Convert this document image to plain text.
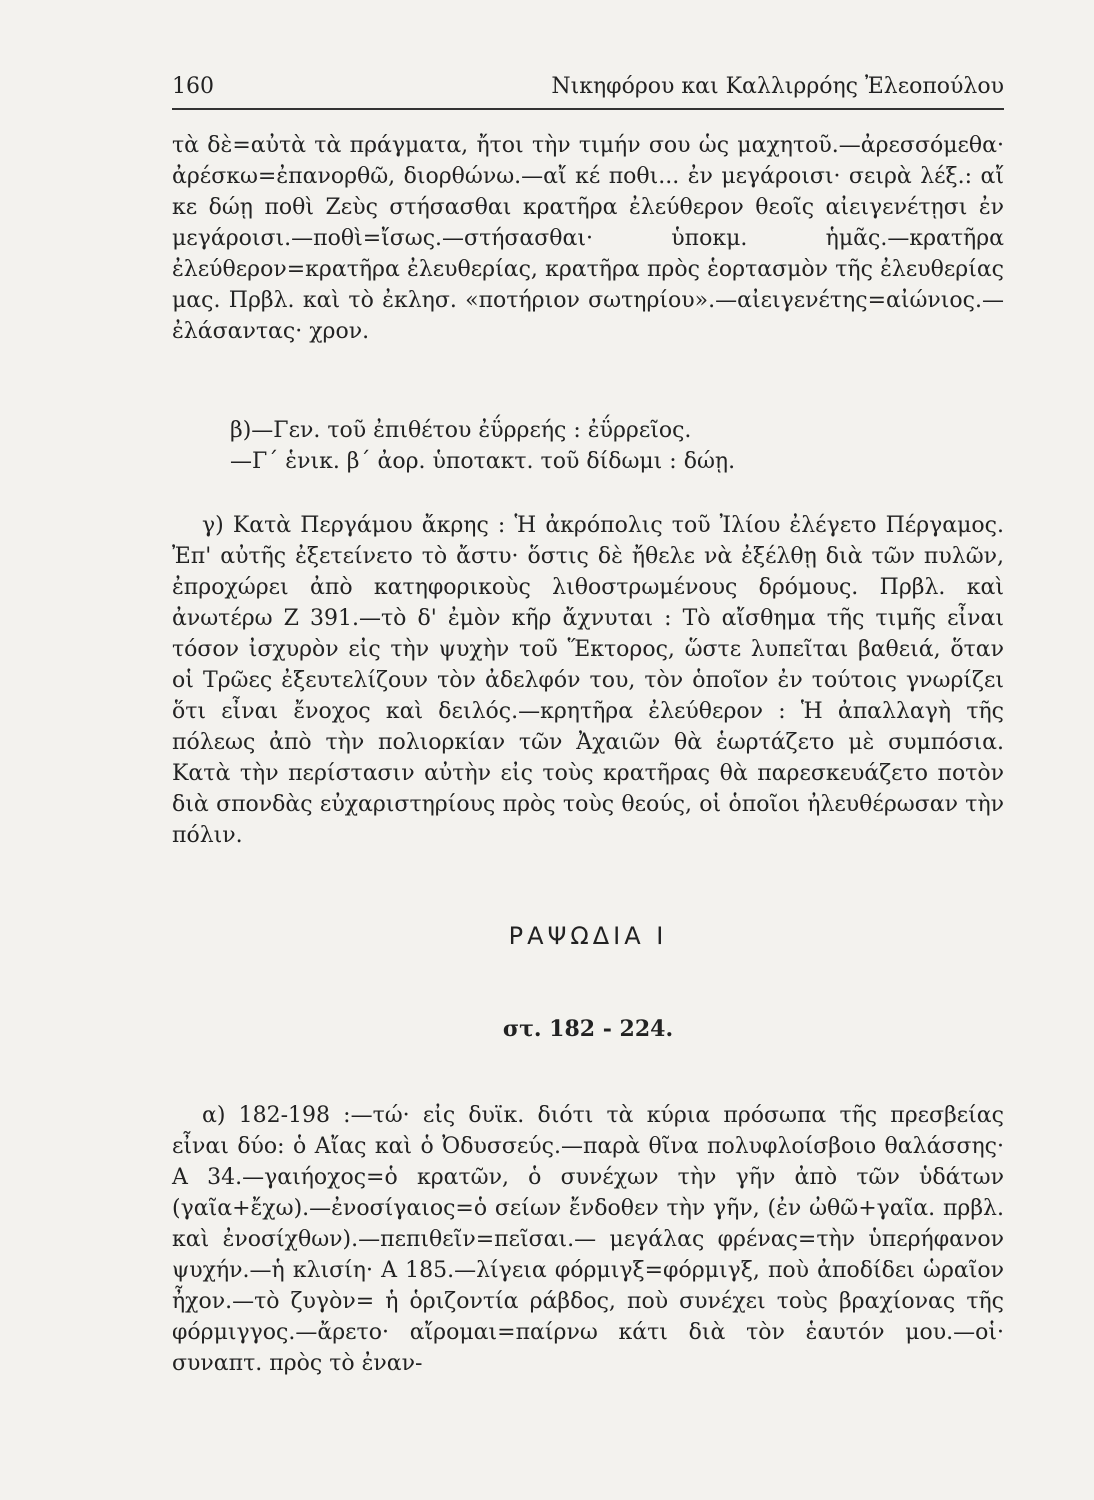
160	Νικηφόρου και Καλλιρρόης Ἐλεοπούλου

τὰ δὲ=αὐτὰ τὰ πράγματα, ἤτοι τὴν τιμήν σου ὡς μαχητοῦ.—ἀρεσσόμεθα· ἀρέσκω=ἐπανορθῶ, διορθώνω.—αἴ κέ ποθι... ἐν μεγάροισι· σειρὰ λέξ.: αἴ κε δώῃ ποθὶ Ζεὺς στήσασθαι κρατῆρα ἐλεύθερον θεοῖς αἰειγενέτῃσι ἐν μεγάροισι.—ποθὶ=ἴσως.—στήσασθαι· ὑποκμ. ἡμᾶς.—κρατῆρα ἐλεύθερον=κρατῆρα ἐλευθερίας, κρατῆρα πρὸς ἑορτασμὸν τῆς ἐλευθερίας μας. Πρβλ. καὶ τὸ ἐκλησ. «ποτήριον σωτηρίου».—αἰειγενέτης=αἰώνιος.—ἐλάσαντας· χρον.

β)—Γεν. τοῦ ἐπιθέτου ἐΰρρεής : ἐΰρρεῖος.

—Γ΄ ἑνικ. β΄ ἀορ. ὑποτακτ. τοῦ δίδωμι : δώῃ.

γ) Κατὰ Περγάμου ἄκρης : Ἡ ἀκρόπολις τοῦ Ἰλίου ἐλέγετο Πέργαμος. Ἐπ' αὐτῆς ἐξετείνετο τὸ ἄστυ· ὅστις δὲ ἤθελε νὰ ἐξέλθῃ διὰ τῶν πυλῶν, ἐπροχώρει ἀπὸ κατηφορικοὺς λιθοστρωμένους δρόμους. Πρβλ. καὶ ἀνωτέρω Ζ 391.—τὸ δ' ἐμὸν κῆρ ἄχνυται : Τὸ αἴσθημα τῆς τιμῆς εἶναι τόσον ἰσχυρὸν εἰς τὴν ψυχὴν τοῦ Ἕκτορος, ὥστε λυπεῖται βαθειά, ὅταν οἱ Τρῶες ἐξευτελίζουν τὸν ἀδελφόν του, τὸν ὁποῖον ἐν τούτοις γνωρίζει ὅτι εἶναι ἔνοχος καὶ δειλός.—κρητῆρα ἐλεύθερον : Ἡ ἀπαλλαγὴ τῆς πόλεως ἀπὸ τὴν πολιορκίαν τῶν Ἀχαιῶν θὰ ἑωρτάζετο μὲ συμπόσια. Κατὰ τὴν περίστασιν αὐτὴν εἰς τοὺς κρατῆρας θὰ παρεσκευάζετο ποτὸν διὰ σπονδὰς εὐχαριστηρίους πρὸς τοὺς θεούς, οἱ ὁποῖοι ἠλευθέρωσαν τὴν πόλιν.

ΡΑΨΩΔΙΑ Ι
στ. 182 - 224.

α) 182-198 :—τώ· εἰς δυϊκ. διότι τὰ κύρια πρόσωπα τῆς πρεσβείας εἶναι δύο: ὁ Αἴας καὶ ὁ Ὀδυσσεύς.—παρὰ θῖνα πολυφλοίσβοιο θαλάσσης· Α 34.—γαιήοχος=ὁ κρατῶν, ὁ συνέχων τὴν γῆν ἀπὸ τῶν ὑδάτων (γαῖα+ἔχω).—ἐνοσίγαιος=ὁ σείων ἔνδοθεν τὴν γῆν, (ἐν ὠθῶ+γαῖα. πρβλ. καὶ ἐνοσίχθων).—πεπιθεῖν=πεῖσαι.— μεγάλας φρένας=τὴν ὑπερήφανον ψυχήν.—ἡ κλισίη· Α 185.—λίγεια φόρμιγξ=φόρμιγξ, ποὺ ἀποδίδει ὡραῖον ἦχον.—τὸ ζυγὸν= ἡ ὁριζοντία ράβδος, ποὺ συνέχει τοὺς βραχίονας τῆς φόρμιγγος.—ἄρετο· αἴρομαι=παίρνω κάτι διὰ τὸν ἑαυτόν μου.—οἱ· συναπτ. πρὸς τὸ ἐναν-
